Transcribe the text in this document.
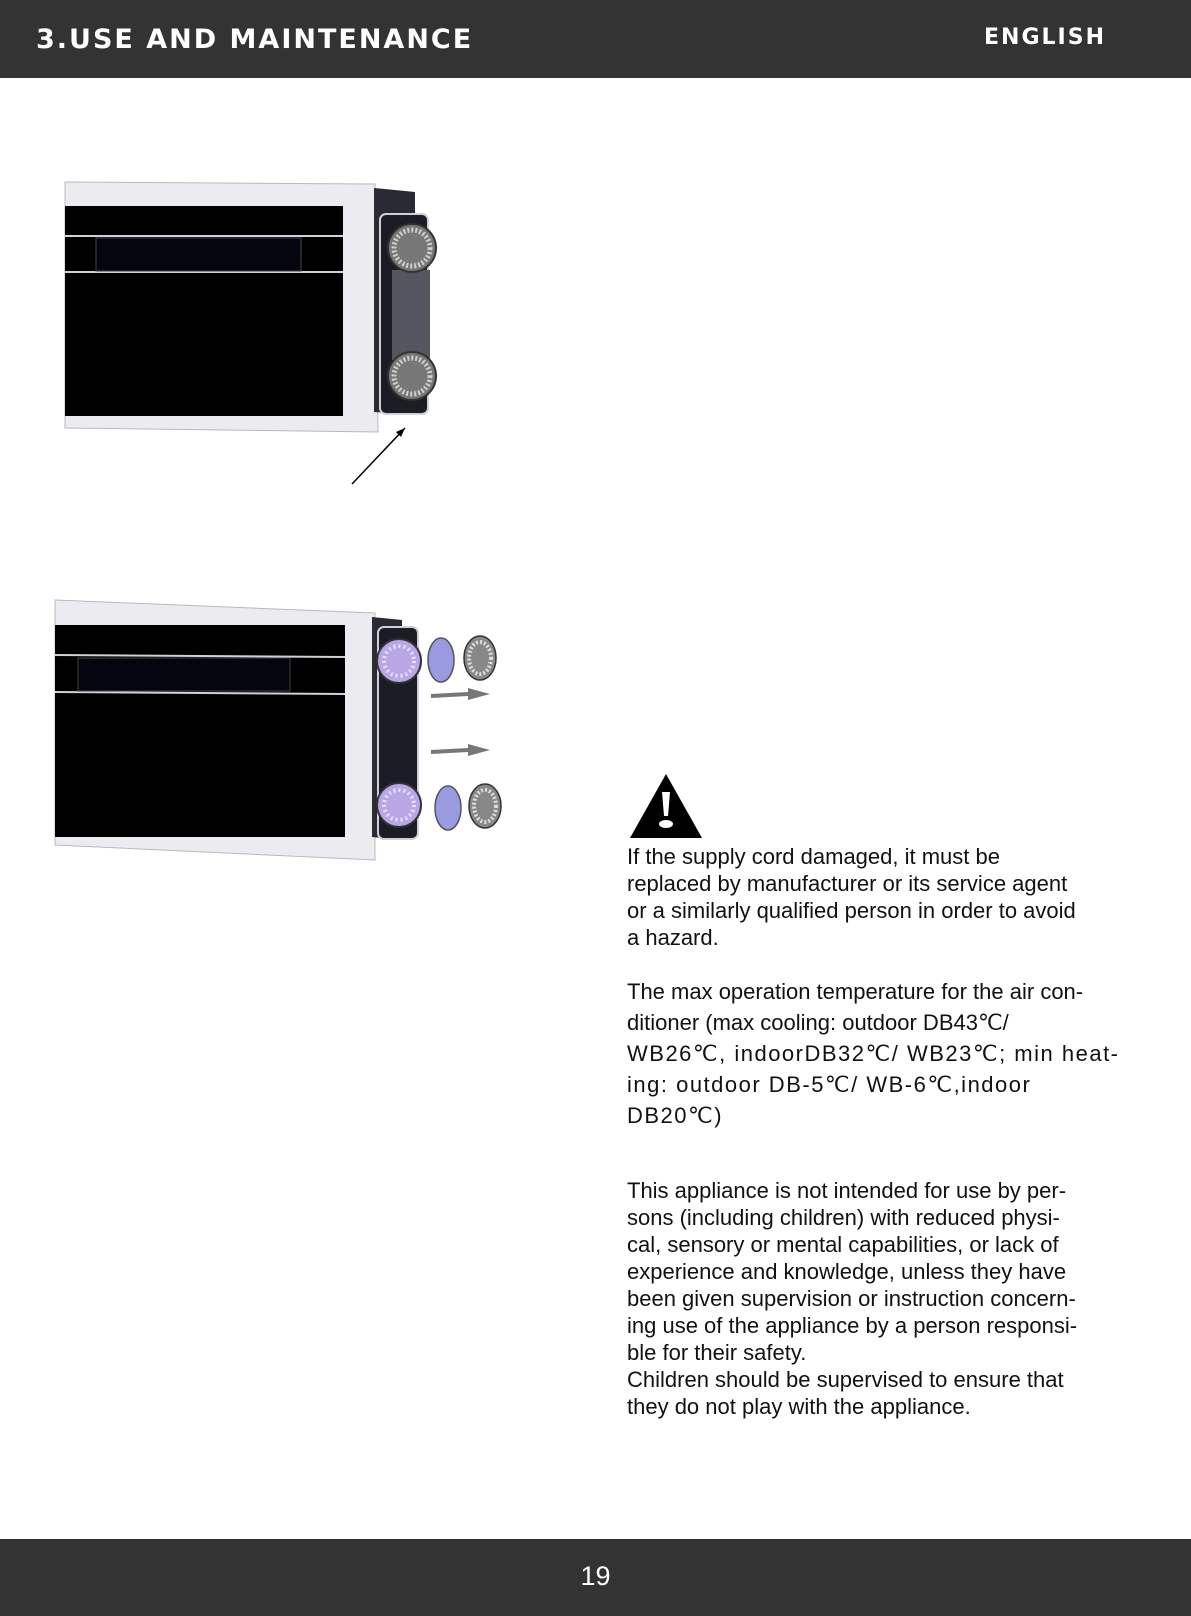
3.USE AND MAINTENANCE	ENGLISH
If the supply cord damaged, it must be
replaced by manufacturer or its service agent
or a similarly qualified person in order to avoid
a hazard.
The max operation temperature for the air con-
ditioner (max cooling: outdoor DB43℃/
WB26℃, indoorDB32℃/ WB23℃; min heat-
ing: outdoor DB-5℃/ WB-6℃,indoor
DB20℃)
This appliance is not intended for use by per-
sons (including children) with reduced physi-
cal, sensory or mental capabilities, or lack of
experience and knowledge, unless they have
been given supervision or instruction concern-
ing use of the appliance by a person responsi-
ble for their safety.
Children should be supervised to ensure that
they do not play with the appliance.
19
